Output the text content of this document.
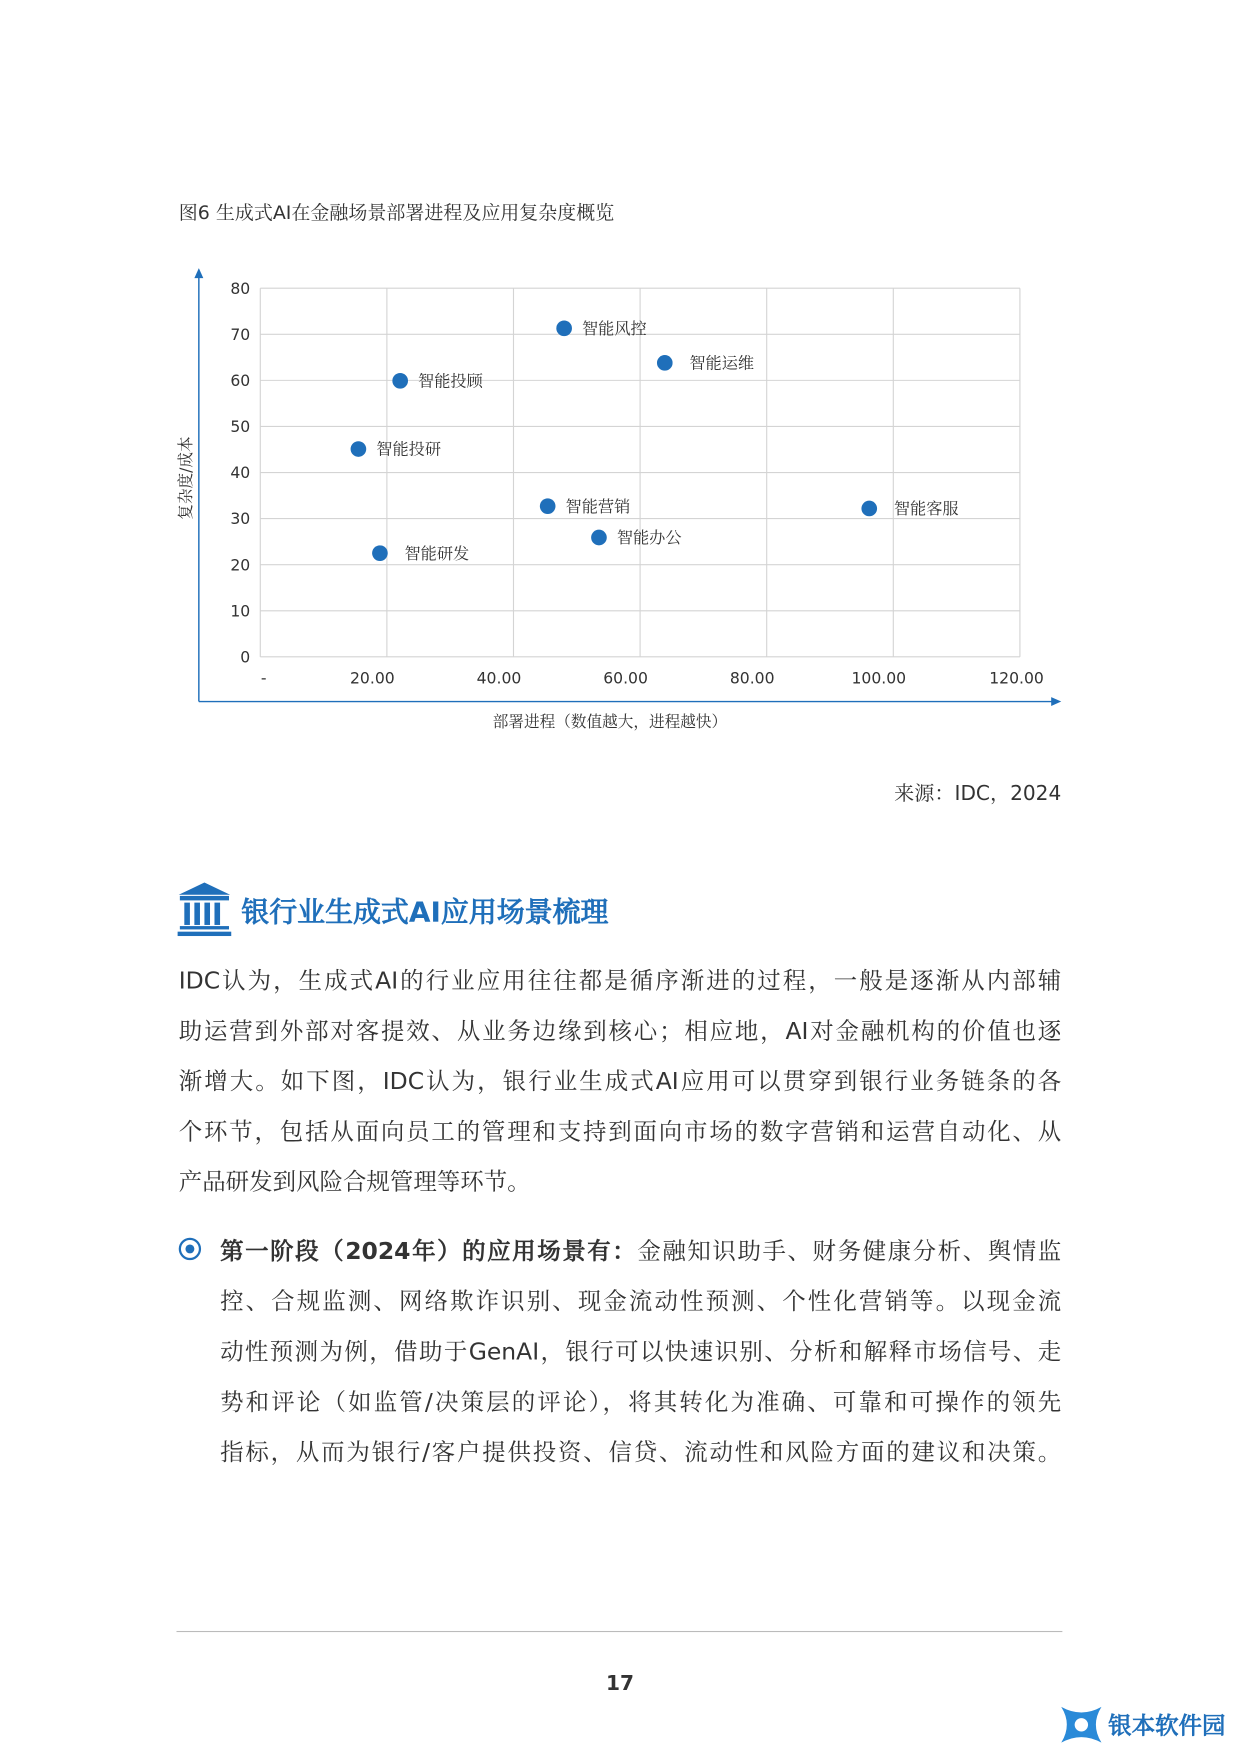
图6 生成式AI在金融场景部署进程及应用复杂度概览
0
10
20
30
40
50
60
70
80
-	20.00	40.00	60.00	80.00	100.00	120.00
部署进程（数值越大，进程越快）
复杂度/成本
智能风控
智能运维
智能投顾
智能投研
智能营销	智能客服
智能办公
智能研发
来源：IDC，2024
银行业生成式AI应用场景梳理
IDC认为，生成式AI的行业应用往往都是循序渐进的过程，一般是逐渐从内部辅
助运营到外部对客提效、从业务边缘到核心；相应地，AI对金融机构的价值也逐
渐增大。如下图，IDC认为，银行业生成式AI应用可以贯穿到银行业务链条的各
个环节，包括从面向员工的管理和支持到面向市场的数字营销和运营自动化、从
产品研发到风险合规管理等环节。
第一阶段（2024年）的应用场景有：金融知识助手、财务健康分析、舆情监
控、合规监测、网络欺诈识别、现金流动性预测、个性化营销等。以现金流
动性预测为例，借助于GenAI，银行可以快速识别、分析和解释市场信号、走
势和评论（如监管/决策层的评论），将其转化为准确、可靠和可操作的领先
指标，从而为银行/客户提供投资、信贷、流动性和风险方面的建议和决策。
17
银本软件园
